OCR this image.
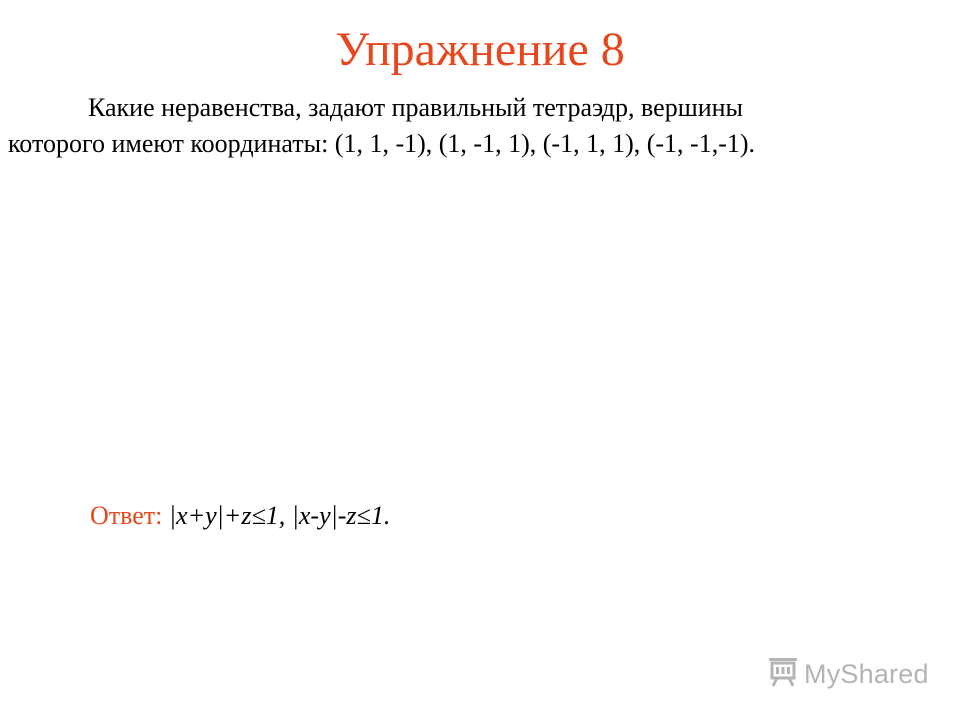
Упражнение 8
Какие неравенства, задают правильный тетраэдр, вершины
которого имеют координаты: (1, 1, -1), (1, -1, 1), (-1, 1, 1), (-1, -1,-1).
Ответ: |x+y|+z≤1, |x-y|-z≤1.
MyShared
